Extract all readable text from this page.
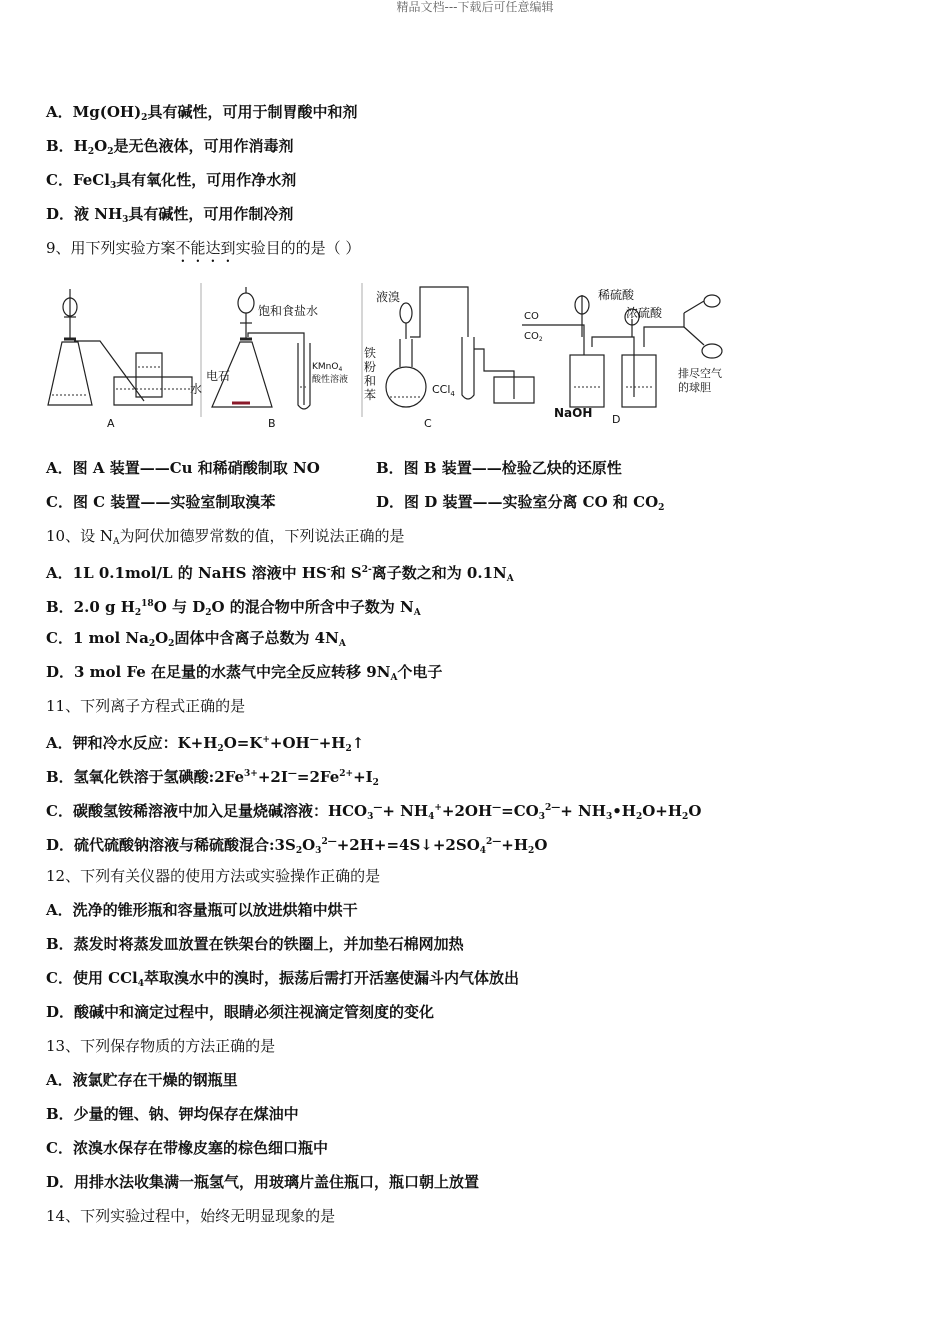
精品文档---下载后可任意编辑
A．$Mg(OH)_2$具有碱性，可用于制胃酸中和剂
B．$H_2O_2$是无色液体，可用作消毒剂
C．FeCl$_3$具有氧化性，可用作净水剂
D．液 $NH_3$具有碱性，可用作制冷剂
9、用下列实验方案不能达到实验目的的是（ ）
A
水
B
饱和食盐水
电石
KMnO$_4$
酸性溶液
C
液溴
铁
粉
和
苯	CCl$_4$
D
CO
$CO_2$
稀硫酸
浓硫酸
NaOH
排尽空气
的球胆
A．图 A 装置——Cu 和稀硝酸制取 NO	B．图 B 装置——检验乙炔的还原性
C．图 C 装置——实验室制取溴苯	D．图 D 装置——实验室分离 CO 和 $CO_2$
10、设 $N_A$为阿伏加德罗常数的值，下列说法正确的是
A．1L 0.1mol/L 的 NaHS 溶液中 HS-和 $S^{2-}$离子数之和为 $0.1N_A$
B．2.0 g $H_2^{18}O$ 与 $D_2O$ 的混合物中所含中子数为 $N_A$
C．1 mol $Na_2O_2$固体中含离子总数为 $4N_A$
D．3 mol Fe 在足量的水蒸气中完全反应转移 $9N_A$个电子
11、下列离子方程式正确的是
A．钾和冷水反应：$K+H_2O=K^++OH^—+H_2↑$
B．氢氧化铁溶于氢碘酸$:2Fe^{3+}+2I^—=2Fe^{2+}+I_2$
C．碳酸氢铵稀溶液中加入足量烧碱溶液：$HCO_3^—+ NH_4^++2OH^—=CO_3^{2—}+$ $NH_3•H_2O+H_2O$
D．硫代硫酸钠溶液与稀硫酸混合$:3S_2O_3^{2—}+2H+=4S↓+2SO_4^{2—}+H_2O$
12、下列有关仪器的使用方法或实验操作正确的是
A．洗净的锥形瓶和容量瓶可以放进烘箱中烘干
B．蒸发时将蒸发皿放置在铁架台的铁圈上，并加垫石棉网加热
C．使用 CCl$_4$萃取溴水中的溴时，振荡后需打开活塞使漏斗内气体放出
D．酸碱中和滴定过程中，眼睛必须注视滴定管刻度的变化
13、下列保存物质的方法正确的是
A．液氯贮存在干燥的钢瓶里
B．少量的锂、钠、钾均保存在煤油中
C．浓溴水保存在带橡皮塞的棕色细口瓶中
D．用排水法收集满一瓶氢气，用玻璃片盖住瓶口，瓶口朝上放置
14、下列实验过程中，始终无明显现象的是
